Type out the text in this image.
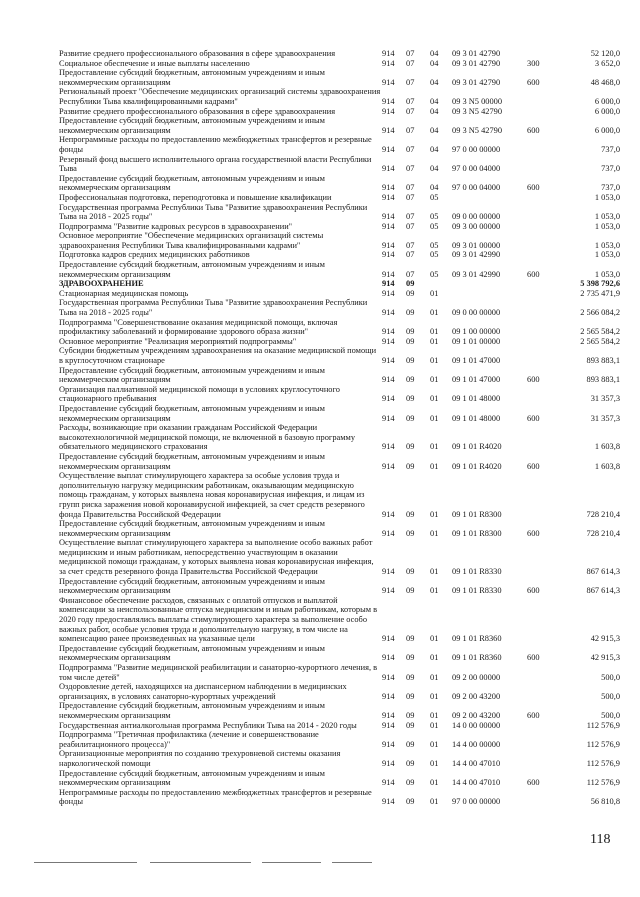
Развитие среднего профессионального образования в сфере здравоохранения	914	07	04	09 3 01 42790		52 120,0
Социальное обеспечение и иные выплаты населению	914	07	04	09 3 01 42790	300	3 652,0
Предоставление субсидий бюджетным, автономным учреждениям и иным некоммерческим организациям	914	07	04	09 3 01 42790	600	48 468,0
Региональный проект "Обеспечение медицинских организаций системы здравоохранения Республики Тыва квалифицированными кадрами"	914	07	04	09 3 N5 00000		6 000,0
Развитие среднего профессионального образования в сфере здравоохранения	914	07	04	09 3 N5 42790		6 000,0
Предоставление субсидий бюджетным, автономным учреждениям и иным некоммерческим организациям	914	07	04	09 3 N5 42790	600	6 000,0
Непрограммные расходы по предоставлению межбюджетных трансфертов и резервные фонды	914	07	04	97 0 00 00000		737,0
Резервный фонд высшего исполнительного органа государственной власти Республики Тыва	914	07	04	97 0 00 04000		737,0
Предоставление субсидий бюджетным, автономным учреждениям и иным некоммерческим организациям	914	07	04	97 0 00 04000	600	737,0
Профессиональная подготовка, переподготовка и повышение квалификации	914	07	05			1 053,0
Государственная программа Республики Тыва "Развитие здравоохранения Республики Тыва на 2018 - 2025 годы"	914	07	05	09 0 00 00000		1 053,0
Подпрограмма "Развитие кадровых ресурсов в здравоохранении"	914	07	05	09 3 00 00000		1 053,0
Основное мероприятие "Обеспечение медицинских организаций системы здравоохранения Республики Тыва квалифицированными кадрами"	914	07	05	09 3 01 00000		1 053,0
Подготовка кадров средних медицинских работников	914	07	05	09 3 01 42990		1 053,0
Предоставление субсидий бюджетным, автономным учреждениям и иным некоммерческим организациям	914	07	05	09 3 01 42990	600	1 053,0
ЗДРАВООХРАНЕНИЕ	914	09				5 398 792,6
Стационарная медицинская помощь	914	09	01			2 735 471,9
Государственная программа Республики Тыва "Развитие здравоохранения Республики Тыва на 2018 - 2025 годы"	914	09	01	09 0 00 00000		2 566 084,2
Подпрограмма "Совершенствование оказания медицинской помощи, включая профилактику заболеваний и формирование здорового образа жизни"	914	09	01	09 1 00 00000		2 565 584,2
Основное мероприятие "Реализация мероприятий подпрограммы"	914	09	01	09 1 01 00000		2 565 584,2
Субсидии бюджетным учреждениям здравоохранения на оказание медицинской помощи в круглосуточном стационаре	914	09	01	09 1 01 47000		893 883,1
Предоставление субсидий бюджетным, автономным учреждениям и иным некоммерческим организациям	914	09	01	09 1 01 47000	600	893 883,1
Организация паллиативной медицинской помощи в условиях круглосуточного стационарного пребывания	914	09	01	09 1 01 48000		31 357,3
Предоставление субсидий бюджетным, автономным учреждениям и иным некоммерческим организациям	914	09	01	09 1 01 48000	600	31 357,3
Расходы, возникающие при оказании гражданам Российской Федерации высокотехнологичной медицинской помощи, не включенной в базовую программу обязательного медицинского страхования	914	09	01	09 1 01 R4020		1 603,8
Предоставление субсидий бюджетным, автономным учреждениям и иным некоммерческим организациям	914	09	01	09 1 01 R4020	600	1 603,8
Осуществление выплат стимулирующего характера за особые условия труда и дополнительную нагрузку медицинским работникам, оказывающим медицинскую помощь гражданам, у которых выявлена новая коронавирусная инфекция, и лицам из групп риска заражения новой коронавирусной инфекцией, за счет средств резервного фонда Правительства Российской Федерации	914	09	01	09 1 01 R8300		728 210,4
Предоставление субсидий бюджетным, автономным учреждениям и иным некоммерческим организациям	914	09	01	09 1 01 R8300	600	728 210,4
Осуществление выплат стимулирующего характера за выполнение особо важных работ медицинским и иным работникам, непосредственно участвующим в оказании медицинской помощи гражданам, у которых выявлена новая коронавирусная инфекция, за счет средств резервного фонда Правительства Российской Федерации	914	09	01	09 1 01 R8330		867 614,3
Предоставление субсидий бюджетным, автономным учреждениям и иным некоммерческим организациям	914	09	01	09 1 01 R8330	600	867 614,3
Финансовое обеспечение расходов, связанных с оплатой отпусков и выплатой компенсации за неиспользованные отпуска медицинским и иным работникам, которым в 2020 году предоставлялись выплаты стимулирующего характера за выполнение особо важных работ, особые условия труда и дополнительную нагрузку, в том числе на компенсацию ранее произведенных на указанные цели	914	09	01	09 1 01 R8360		42 915,3
Предоставление субсидий бюджетным, автономным учреждениям и иным некоммерческим организациям	914	09	01	09 1 01 R8360	600	42 915,3
Подпрограмма "Развитие медицинской реабилитации и санаторно-курортного лечения, в том числе детей"	914	09	01	09 2 00 00000		500,0
Оздоровление детей, находящихся на диспансерном наблюдении в медицинских организациях, в условиях санаторно-курортных учреждений	914	09	01	09 2 00 43200		500,0
Предоставление субсидий бюджетным, автономным учреждениям и иным некоммерческим организациям	914	09	01	09 2 00 43200	600	500,0
Государственная антиалкогольная программа Республики Тыва на 2014 - 2020 годы	914	09	01	14 0 00 00000		112 576,9
Подпрограмма "Третичная профилактика (лечение и совершенствование реабилитационного процесса)"	914	09	01	14 4 00 00000		112 576,9
Организационные мероприятия по созданию трехуровневой системы оказания наркологической помощи	914	09	01	14 4 00 47010		112 576,9
Предоставление субсидий бюджетным, автономным учреждениям и иным некоммерческим организациям	914	09	01	14 4 00 47010	600	112 576,9
Непрограммные расходы по предоставлению межбюджетных трансфертов и резервные фонды	914	09	01	97 0 00 00000		56 810,8
118
